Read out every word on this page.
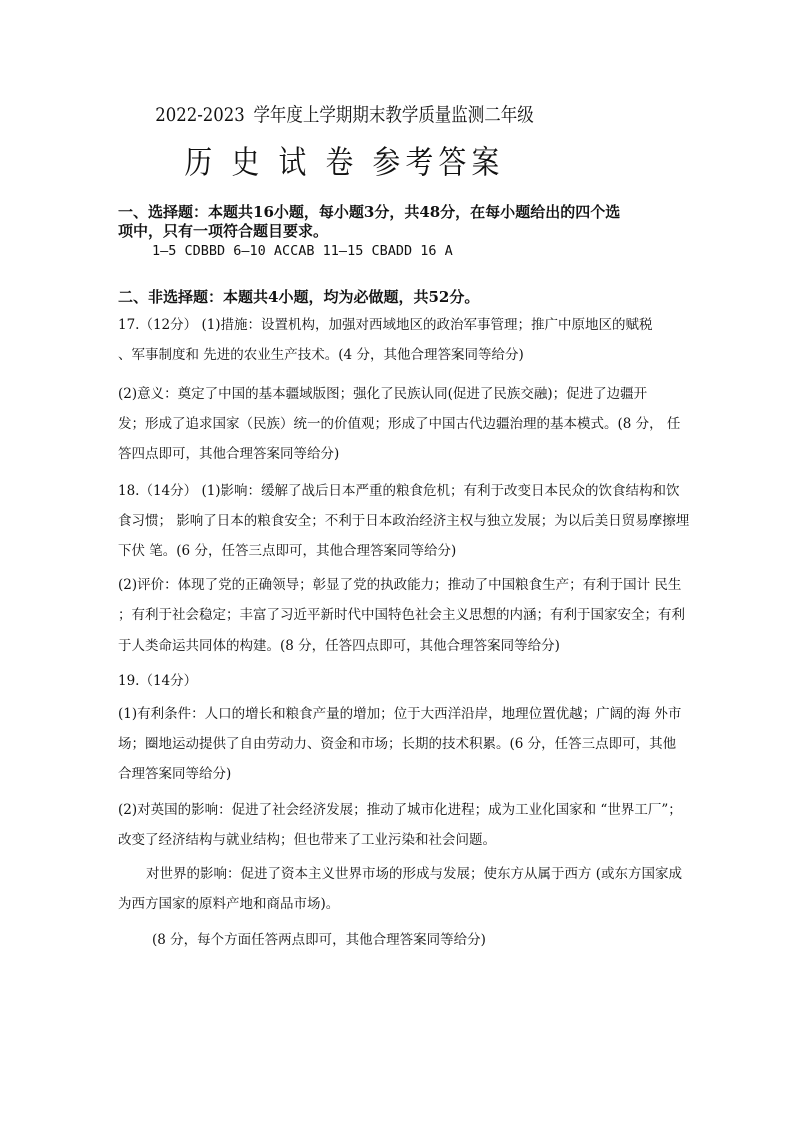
2022-2023 学年度上学期期末教学质量监测二年级
历 史 试 卷 参考答案
一、选择题：本题共16小题，每小题3分，共48分，在每小题给出的四个选
项中，只有一项符合题目要求。
1—5 CDBBD 6—10 ACCAB 11—15 CBADD 16 A
二、非选择题：本题共4小题，均为必做题，共52分。
17.（12分） (1)措施：设置机构，加强对西域地区的政治军事管理；推广中原地区的赋税
、军事制度和 先进的农业生产技术。(4 分，其他合理答案同等给分)
(2)意义：奠定了中国的基本疆域版图；强化了民族认同(促进了民族交融)；促进了边疆开
发；形成了追求国家（民族）统一的价值观；形成了中国古代边疆治理的基本模式。(8 分， 任
答四点即可，其他合理答案同等给分)
18.（14分） (1)影响：缓解了战后日本严重的粮食危机；有利于改变日本民众的饮食结构和饮
食习惯； 影响了日本的粮食安全；不利于日本政治经济主权与独立发展；为以后美日贸易摩擦埋
下伏 笔。(6 分，任答三点即可，其他合理答案同等给分)
(2)评价：体现了党的正确领导；彰显了党的执政能力；推动了中国粮食生产；有利于国计 民生
；有利于社会稳定；丰富了习近平新时代中国特色社会主义思想的内涵；有利于国家安全；有利
于人类命运共同体的构建。(8 分，任答四点即可，其他合理答案同等给分)
19.（14分）
(1)有利条件：人口的增长和粮食产量的增加；位于大西洋沿岸，地理位置优越；广阔的海 外市
场；圈地运动提供了自由劳动力、资金和市场；长期的技术积累。(6 分，任答三点即可，其他
合理答案同等给分)
(2)对英国的影响：促进了社会经济发展；推动了城市化进程；成为工业化国家和 “世界工厂”；
改变了经济结构与就业结构；但也带来了工业污染和社会问题。
对世界的影响：促进了资本主义世界市场的形成与发展；使东方从属于西方 (或东方国家成
为西方国家的原料产地和商品市场)。
(8 分，每个方面任答两点即可，其他合理答案同等给分)
